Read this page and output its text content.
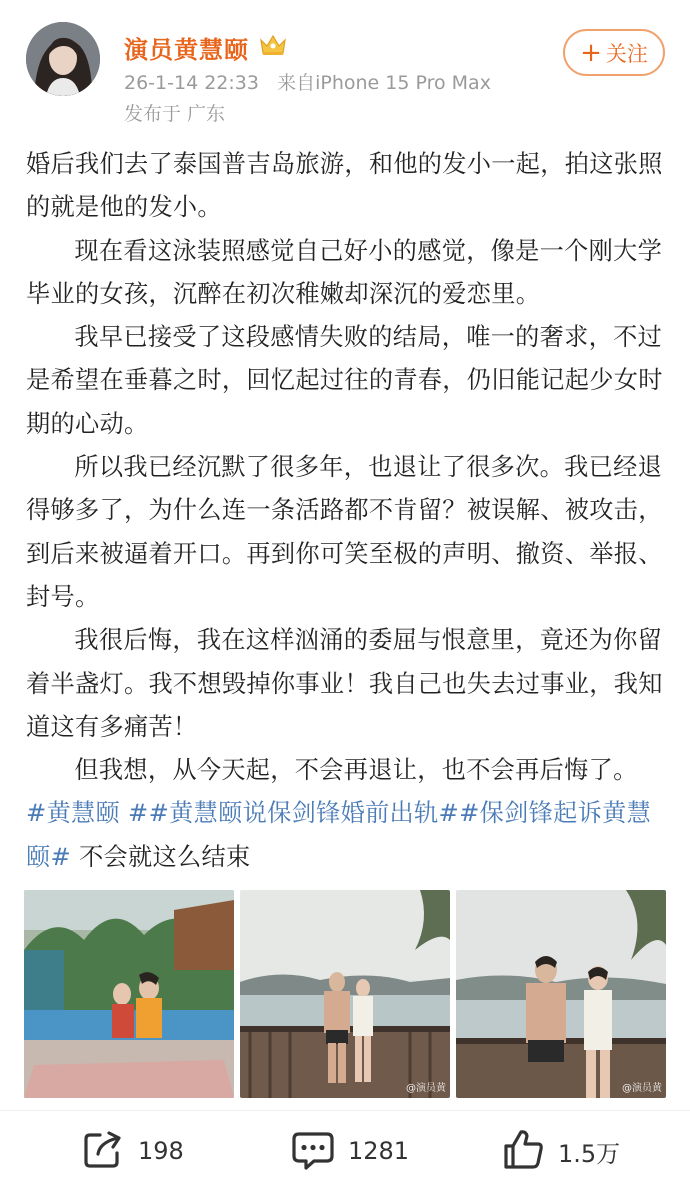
演员黄慧颐
26-1-14 22:33 来自iPhone 15 Pro Max
发布于 广东
+ 关注

婚后我们去了泰国普吉岛旅游，和他的发小一起，拍这张照的就是他的发小。

现在看这泳装照感觉自己好小的感觉，像是一个刚大学毕业的女孩，沉醉在初次稚嫩却深沉的爱恋里。

我早已接受了这段感情失败的结局，唯一的奢求，不过是希望在垂暮之时，回忆起过往的青春，仍旧能记起少女时期的心动。

所以我已经沉默了很多年，也退让了很多次。我已经退得够多了，为什么连一条活路都不肯留？被误解、被攻击，到后来被逼着开口。再到你可笑至极的声明、撤资、举报、封号。

我很后悔，我在这样汹涌的委屈与恨意里，竟还为你留着半盏灯。我不想毁掉你事业！我自己也失去过事业，我知道这有多痛苦！

但我想，从今天起，不会再退让，也不会再后悔了。 #黄慧颐 ##黄慧颐说保剑锋婚前出轨##保剑锋起诉黄慧颐# 不会就这么结束

@演员黄	@演员黄
198	1281	1.5万
